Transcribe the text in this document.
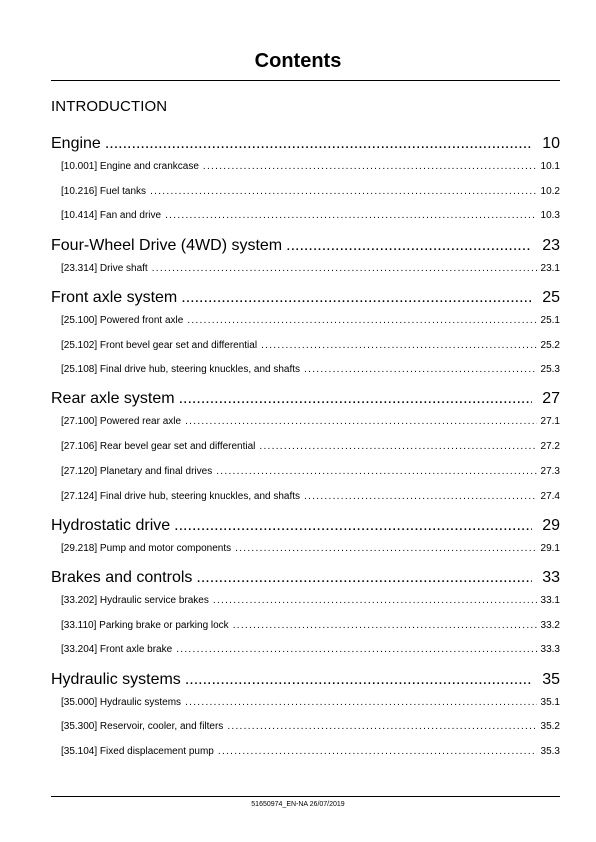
Contents
INTRODUCTION
Engine .....	10
[10.001] Engine and crankcase .....	10.1
[10.216] Fuel tanks .....	10.2
[10.414] Fan and drive .....	10.3
Four-Wheel Drive (4WD) system .....	23
[23.314] Drive shaft .....	23.1
Front axle system .....	25
[25.100] Powered front axle .....	25.1
[25.102] Front bevel gear set and differential .....	25.2
[25.108] Final drive hub, steering knuckles, and shafts .....	25.3
Rear axle system .....	27
[27.100] Powered rear axle .....	27.1
[27.106] Rear bevel gear set and differential .....	27.2
[27.120] Planetary and final drives .....	27.3
[27.124] Final drive hub, steering knuckles, and shafts .....	27.4
Hydrostatic drive .....	29
[29.218] Pump and motor components .....	29.1
Brakes and controls .....	33
[33.202] Hydraulic service brakes .....	33.1
[33.110] Parking brake or parking lock .....	33.2
[33.204] Front axle brake .....	33.3
Hydraulic systems .....	35
[35.000] Hydraulic systems .....	35.1
[35.300] Reservoir, cooler, and filters .....	35.2
[35.104] Fixed displacement pump .....	35.3
51650974_EN-NA 26/07/2019
